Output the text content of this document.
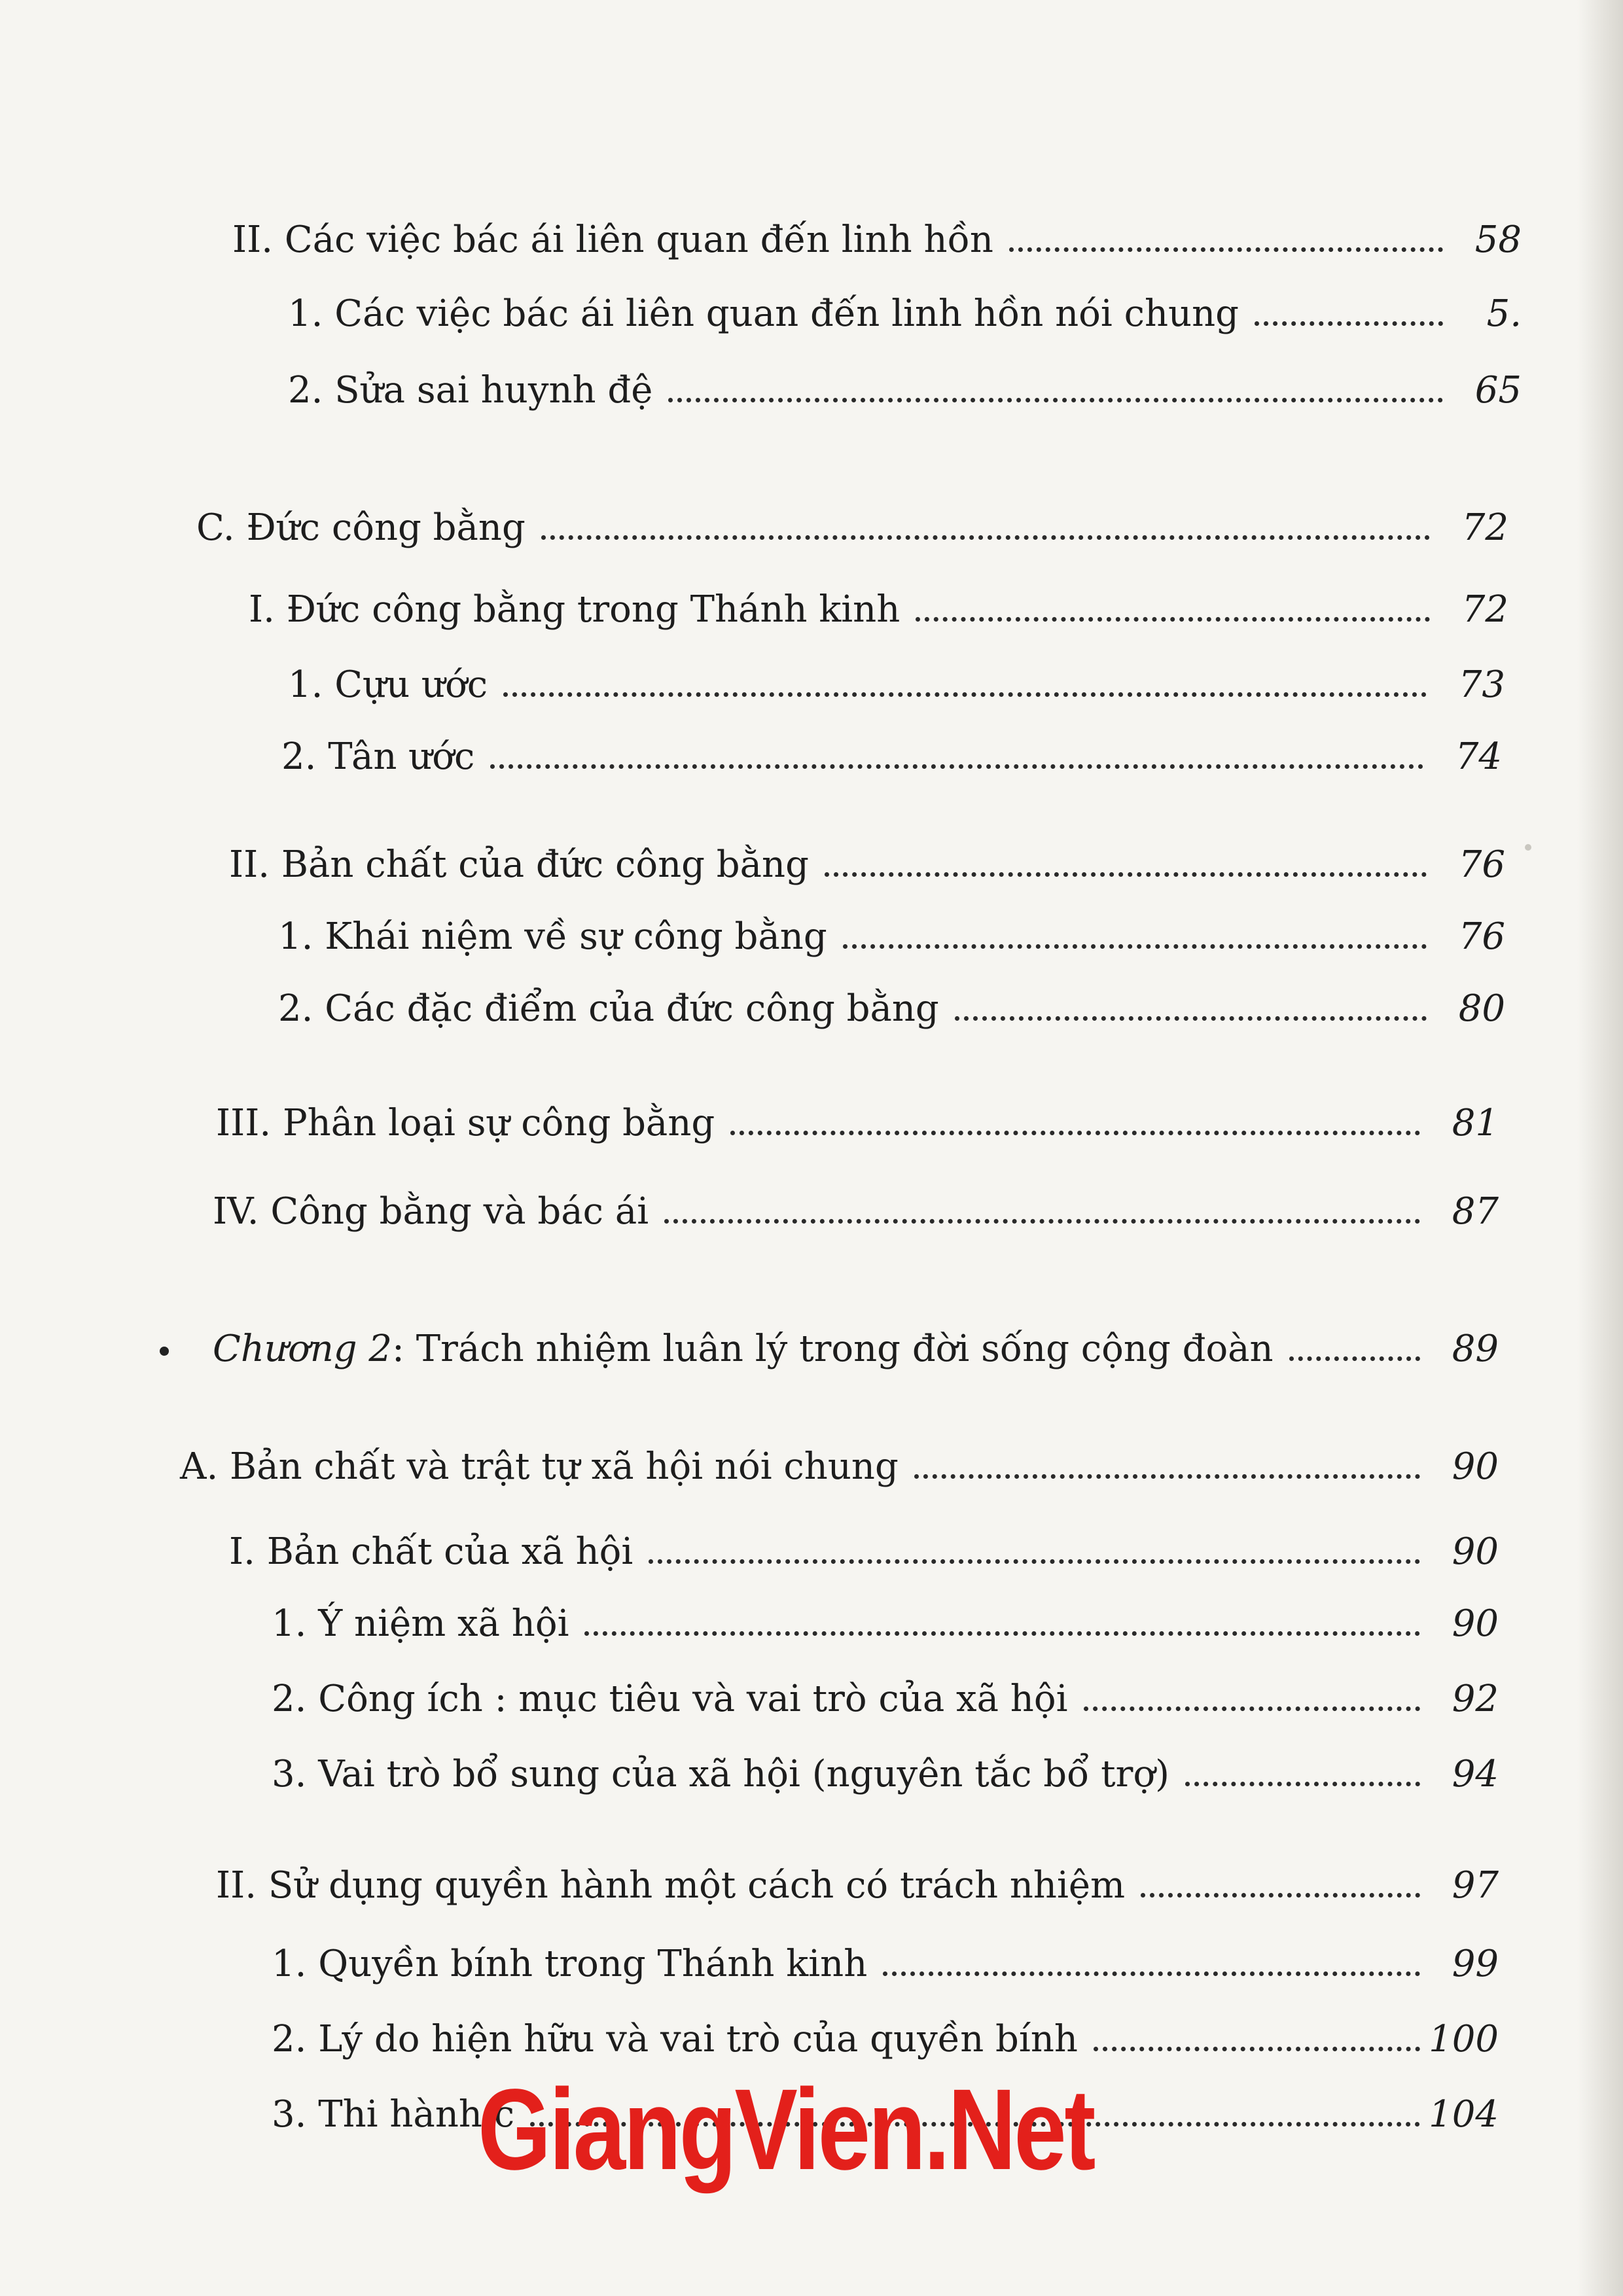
II. Các việc bác ái liên quan đến linh hồn	58
1. Các việc bác ái liên quan đến linh hồn nói chung	5.
2. Sửa sai huynh đệ	65
C. Đức công bằng	72
I. Đức công bằng trong Thánh kinh	72
1. Cựu ước	73
2. Tân ước	74
II. Bản chất của đức công bằng	76
1. Khái niệm về sự công bằng	76
2. Các đặc điểm của đức công bằng	80
III. Phân loại sự công bằng	81
IV. Công bằng và bác ái	87
Chương 2: Trách nhiệm luân lý trong đời sống cộng đoàn	89
A. Bản chất và trật tự xã hội nói chung	90
I. Bản chất của xã hội	90
1. Ý niệm xã hội	90
2. Công ích : mục tiêu và vai trò của xã hội	92
3. Vai trò bổ sung của xã hội (nguyên tắc bổ trợ)	94
II. Sử dụng quyền hành một cách có trách nhiệm	97
1. Quyền bính trong Thánh kinh	99
2. Lý do hiện hữu và vai trò của quyền bính	100
3. Thi hành c	104
GiangVien.Net
